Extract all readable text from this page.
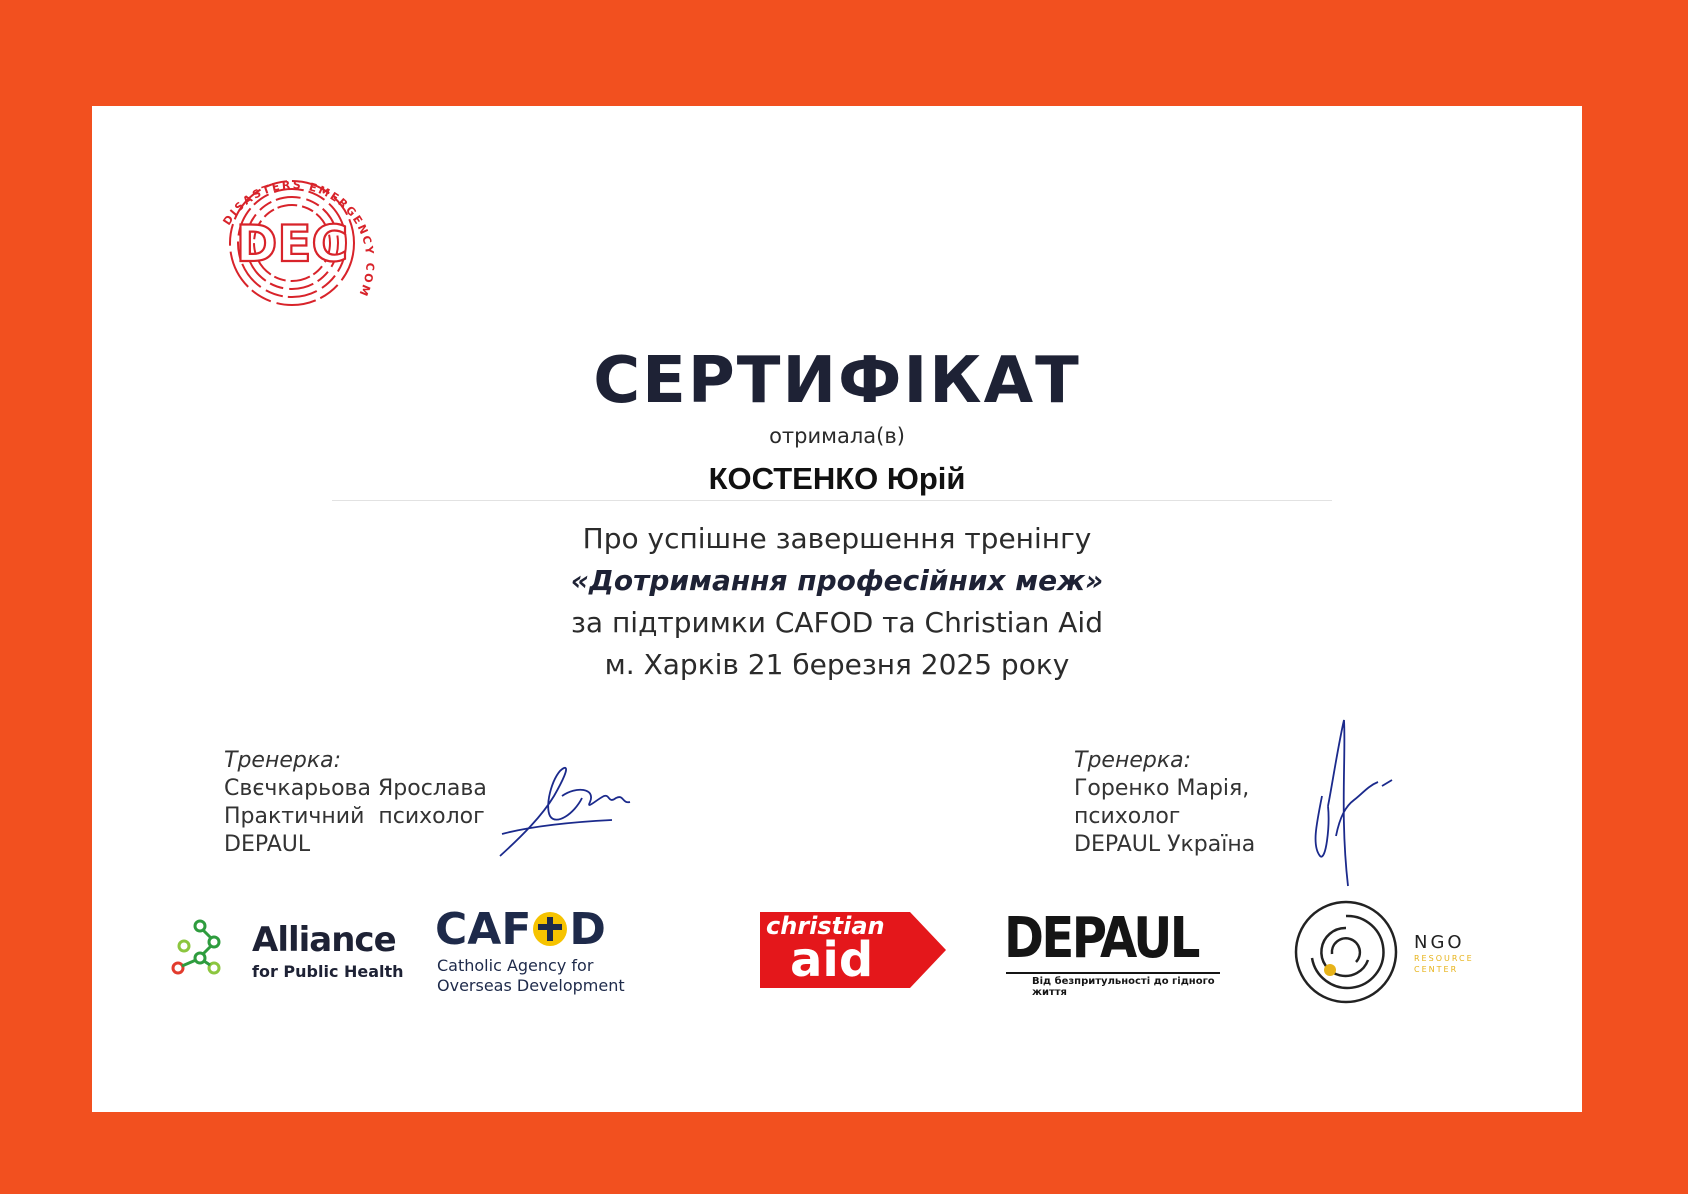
DISASTERS EMERGENCY COM
DEC
СЕРТИФІКАТ
отримала(в)
КОСТЕНКО Юрій
Про успішне завершення тренінгу
«Дотримання професійних меж»
за підтримки CAFOD та Christian Aid
м. Харків 21 березня 2025 року
Тренерка:
Свєчкарьова Ярослава
Практичний  психолог
DEPAUL
Тренерка:
Горенко Марія,
психолог
DEPAUL Україна
Alliance
for Public Health
CAF D
Catholic Agency for
Overseas Development
christian
aid DEPAUL
Від безпритульності до гідного життя
NGO
RESOURCE
CENTER
